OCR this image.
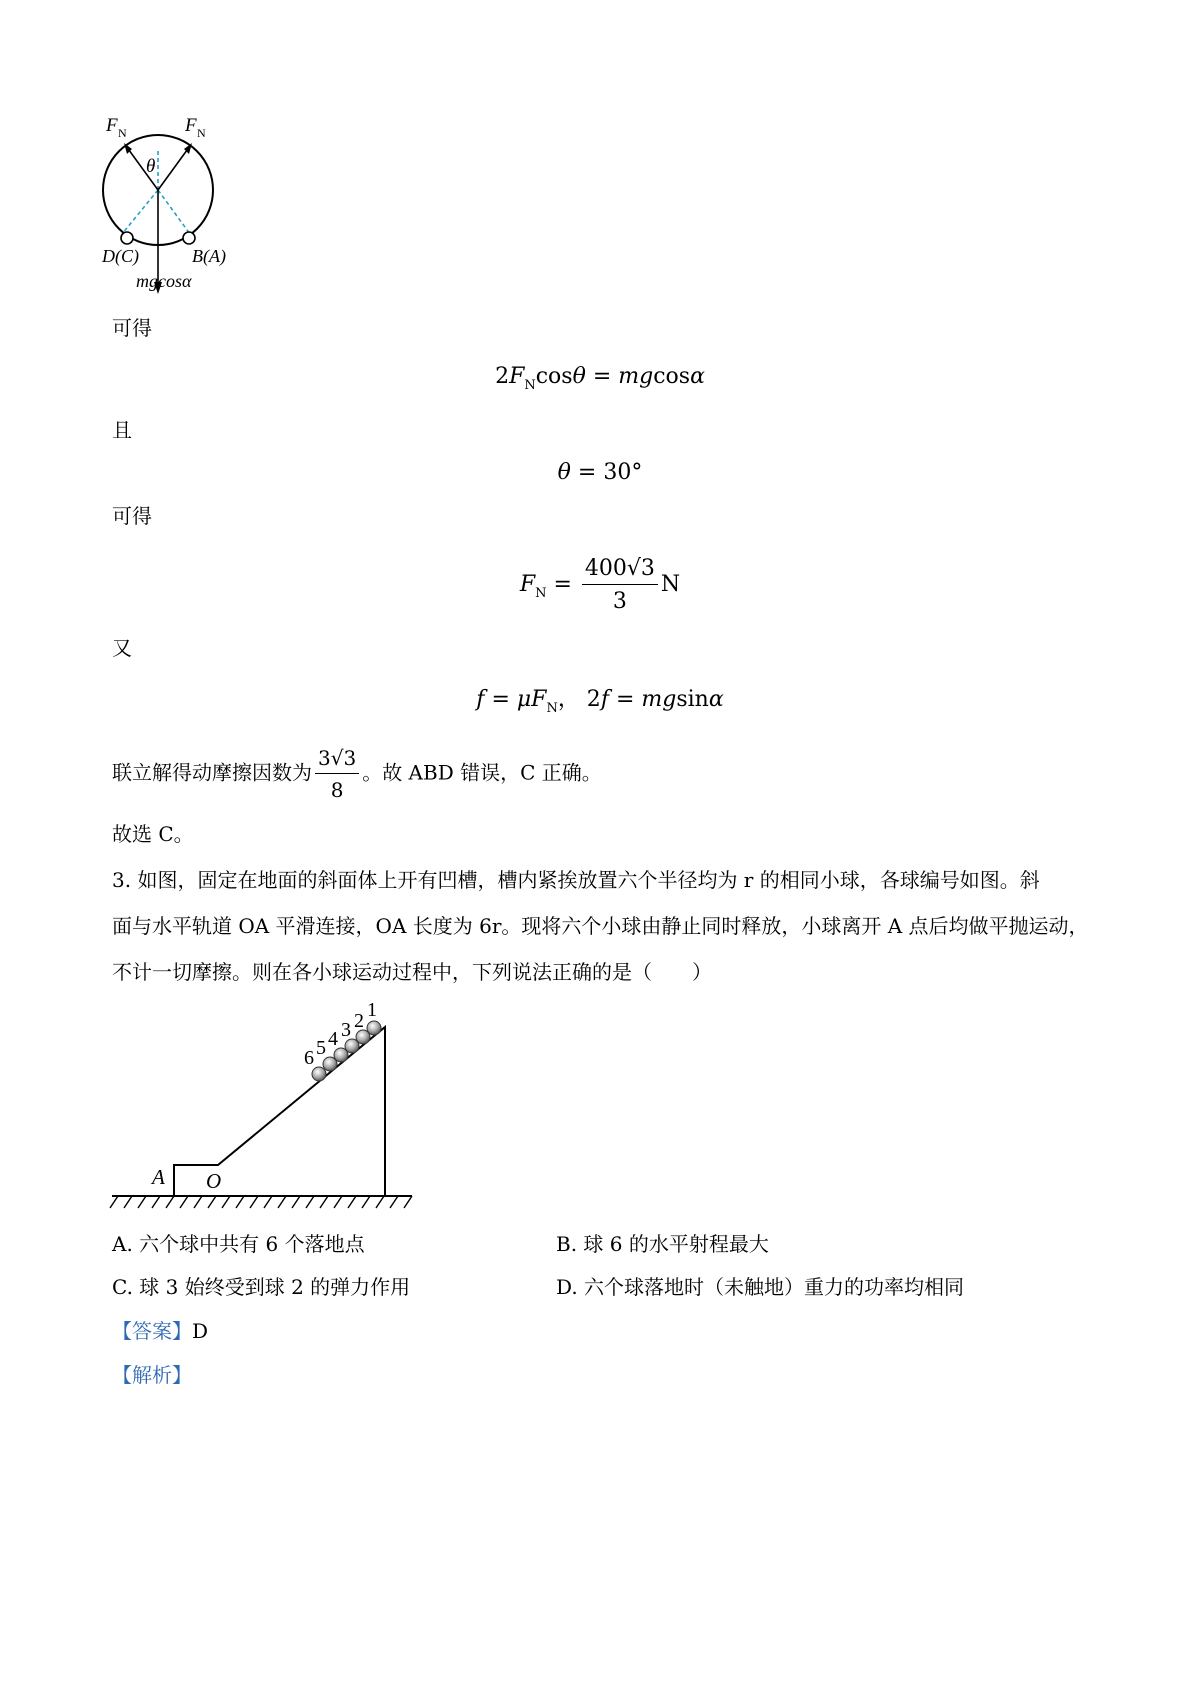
F N	F N
θ
D(C)	B(A)
mgcosα
可得
$2F_N\cos\theta = mgcos\alpha$
且
θ = 30°
可得
$F_N = \frac{400√3}{3}$ N
又
$f = \mu F_N$， 2f = mgsinα
联立解得动摩擦因数为 $\frac{3√3}{8}$ 。故 ABD 错误，C 正确。
故选 C。
3. 如图，固定在地面的斜面体上开有凹槽，槽内紧挨放置六个半径均为 r 的相同小球，各球编号如图。斜
面与水平轨道 OA 平滑连接，OA 长度为 6r。现将六个小球由静止同时释放，小球离开 A 点后均做平抛运动，
不计一切摩擦。则在各小球运动过程中，下列说法正确的是（　　）
6 5 4 3 2 1
A O
A. 六个球中共有 6 个落地点	B. 球 6 的水平射程最大
C. 球 3 始终受到球 2 的弹力作用	D. 六个球落地时（未触地）重力的功率均相同
【答案】D
【解析】
